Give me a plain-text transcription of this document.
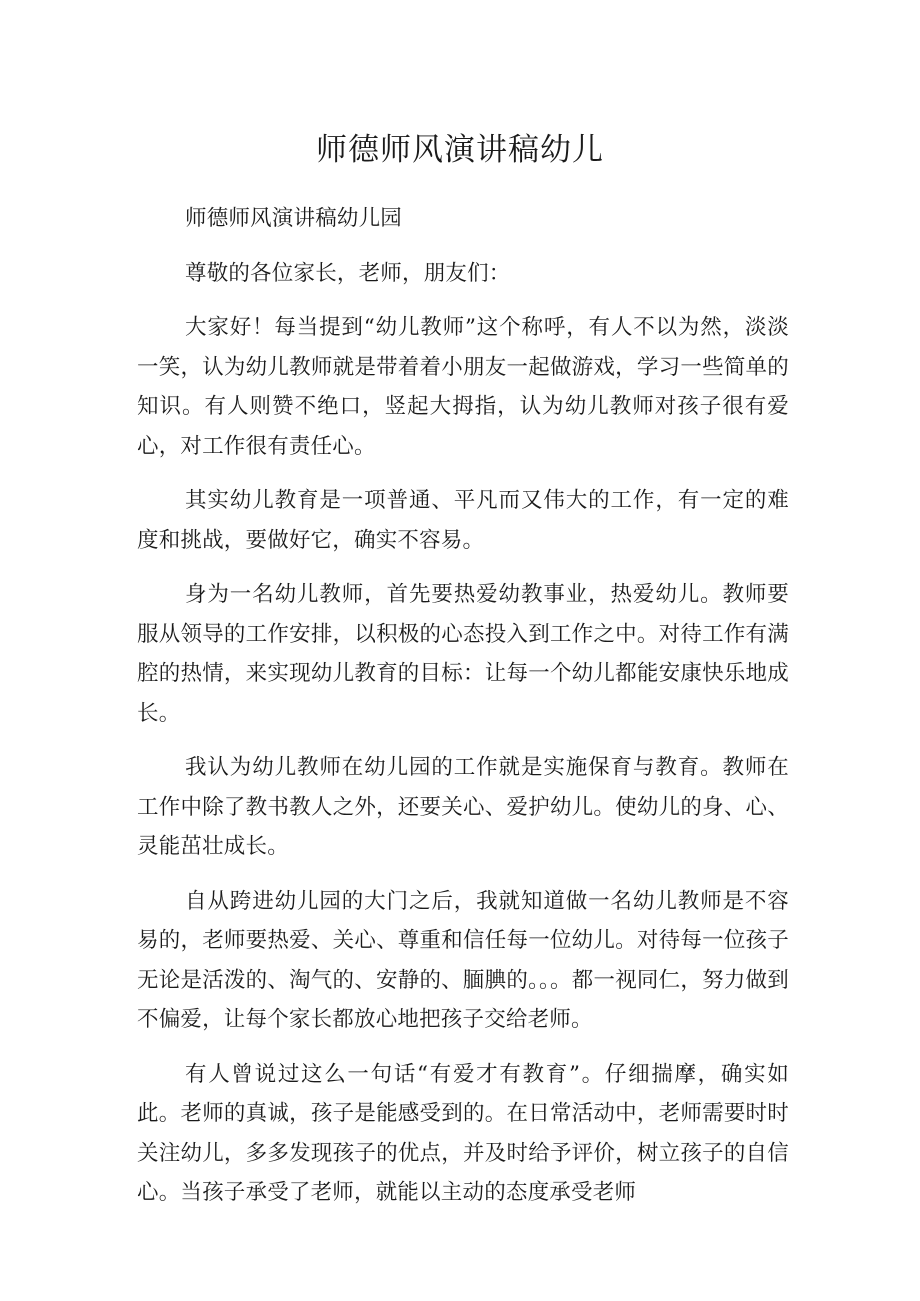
师德师风演讲稿幼儿

师德师风演讲稿幼儿园

尊敬的各位家长，老师，朋友们：

大家好！每当提到“幼儿教师”这个称呼，有人不以为然，淡淡一笑，认为幼儿教师就是带着着小朋友一起做游戏，学习一些简单的知识。有人则赞不绝口，竖起大拇指，认为幼儿教师对孩子很有爱心，对工作很有责任心。

其实幼儿教育是一项普通、平凡而又伟大的工作，有一定的难度和挑战，要做好它，确实不容易。

身为一名幼儿教师，首先要热爱幼教事业，热爱幼儿。教师要服从领导的工作安排，以积极的心态投入到工作之中。对待工作有满腔的热情，来实现幼儿教育的目标：让每一个幼儿都能安康快乐地成长。

我认为幼儿教师在幼儿园的工作就是实施保育与教育。教师在工作中除了教书教人之外，还要关心、爱护幼儿。使幼儿的身、心、灵能茁壮成长。

自从跨进幼儿园的大门之后，我就知道做一名幼儿教师是不容易的，老师要热爱、关心、尊重和信任每一位幼儿。对待每一位孩子无论是活泼的、淘气的、安静的、腼腆的。。。都一视同仁，努力做到不偏爱，让每个家长都放心地把孩子交给老师。

有人曾说过这么一句话“有爱才有教育”。仔细揣摩，确实如此。老师的真诚，孩子是能感受到的。在日常活动中，老师需要时时关注幼儿，多多发现孩子的优点，并及时给予评价，树立孩子的自信心。当孩子承受了老师，就能以主动的态度承受老师
